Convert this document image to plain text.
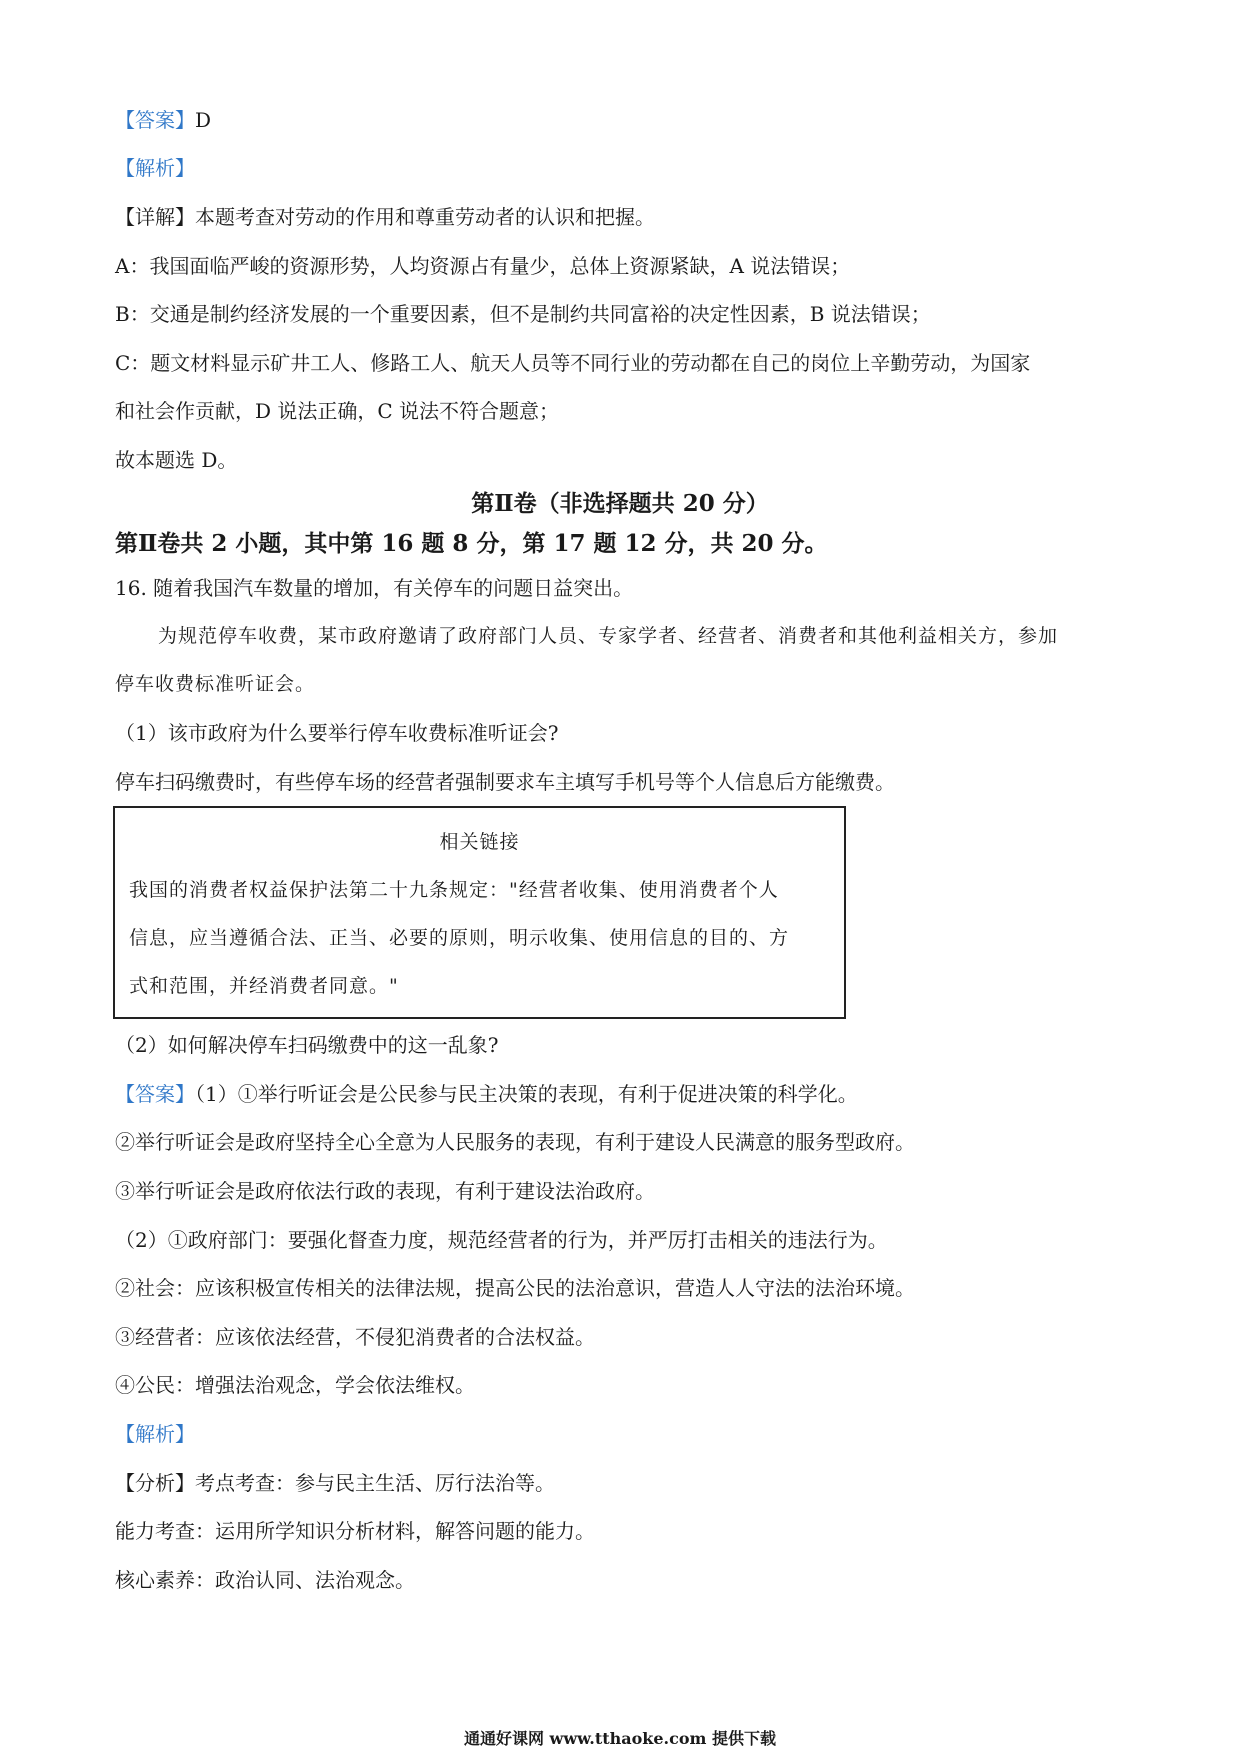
【答案】D
【解析】
【详解】本题考查对劳动的作用和尊重劳动者的认识和把握。
A：我国面临严峻的资源形势，人均资源占有量少，总体上资源紧缺，A 说法错误；
B：交通是制约经济发展的一个重要因素，但不是制约共同富裕的决定性因素，B 说法错误；
C：题文材料显示矿井工人、修路工人、航天人员等不同行业的劳动都在自己的岗位上辛勤劳动，为国家
和社会作贡献，D 说法正确，C 说法不符合题意；
故本题选 D。
第Ⅱ卷（非选择题共 20 分）
第Ⅱ卷共 2 小题，其中第 16 题 8 分，第 17 题 12 分，共 20 分。
16. 随着我国汽车数量的增加，有关停车的问题日益突出。
为规范停车收费，某市政府邀请了政府部门人员、专家学者、经营者、消费者和其他利益相关方，参加
停车收费标准听证会。
（1）该市政府为什么要举行停车收费标准听证会?
停车扫码缴费时，有些停车场的经营者强制要求车主填写手机号等个人信息后方能缴费。
相关链接
我国的消费者权益保护法第二十九条规定："经营者收集、使用消费者个人
信息，应当遵循合法、正当、必要的原则，明示收集、使用信息的目的、方
式和范围，并经消费者同意。"
（2）如何解决停车扫码缴费中的这一乱象?
【答案】（1）①举行听证会是公民参与民主决策的表现，有利于促进决策的科学化。
②举行听证会是政府坚持全心全意为人民服务的表现，有利于建设人民满意的服务型政府。
③举行听证会是政府依法行政的表现，有利于建设法治政府。
（2）①政府部门：要强化督查力度，规范经营者的行为，并严厉打击相关的违法行为。
②社会：应该积极宣传相关的法律法规，提高公民的法治意识，营造人人守法的法治环境。
③经营者：应该依法经营，不侵犯消费者的合法权益。
④公民：增强法治观念，学会依法维权。
【解析】
【分析】考点考查：参与民主生活、厉行法治等。
能力考查：运用所学知识分析材料，解答问题的能力。
核心素养：政治认同、法治观念。
通通好课网 www.tthaoke.com 提供下载
